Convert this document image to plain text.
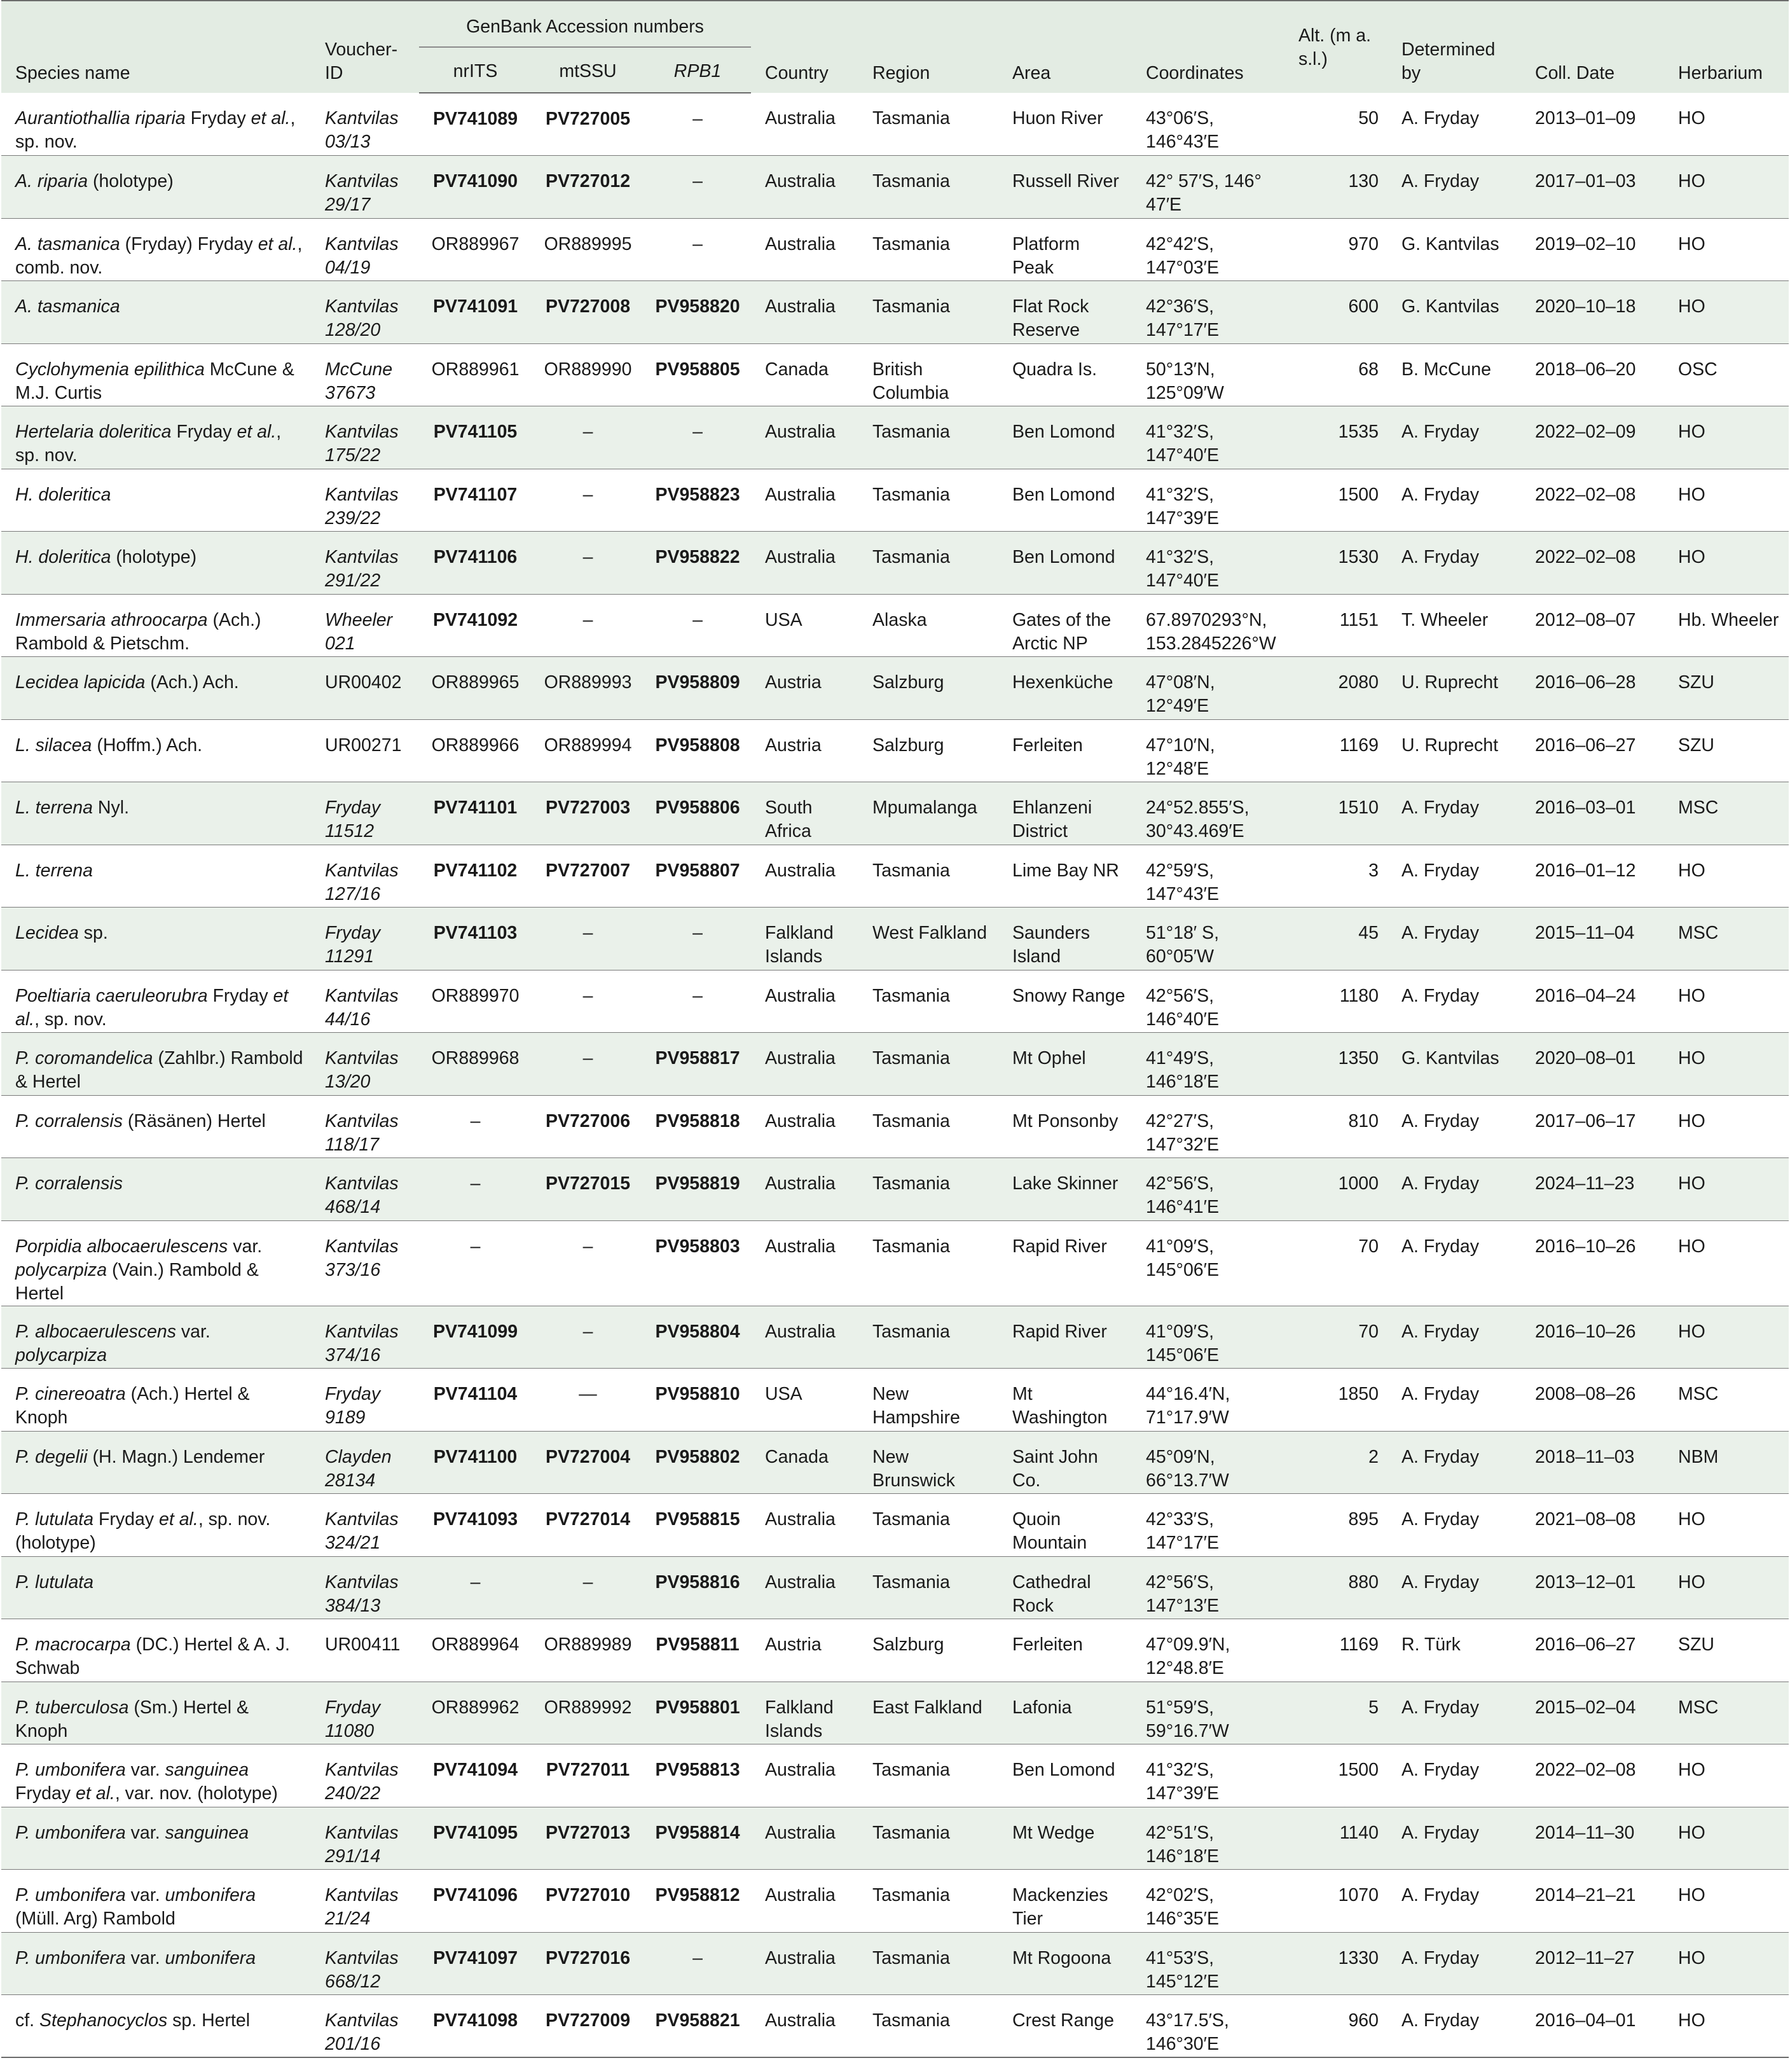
Species name	Voucher-ID	GenBank Accession numbers			Country	Region	Area	Coordinates	Alt. (m a. s.l.)	Determined by	Coll. Date	Herbarium
		nrITS	mtSSU	RPB1								
Aurantiothallia riparia Fryday et al., sp. nov.	Kantvilas 03/13	PV741089	PV727005	–	Australia	Tasmania	Huon River	43°06′S, 146°43′E	50	A. Fryday	2013–01–09	HO
A. riparia (holotype)	Kantvilas 29/17	PV741090	PV727012	–	Australia	Tasmania	Russell River	42° 57′S, 146° 47′E	130	A. Fryday	2017–01–03	HO
A. tasmanica (Fryday) Fryday et al., comb. nov.	Kantvilas 04/19	OR889967	OR889995	–	Australia	Tasmania	Platform Peak	42°42′S, 147°03′E	970	G. Kantvilas	2019–02–10	HO
A. tasmanica	Kantvilas 128/20	PV741091	PV727008	PV958820	Australia	Tasmania	Flat Rock Reserve	42°36′S, 147°17′E	600	G. Kantvilas	2020–10–18	HO
Cyclohymenia epilithica McCune & M.J. Curtis	McCune 37673	OR889961	OR889990	PV958805	Canada	British Columbia	Quadra Is.	50°13′N, 125°09′W	68	B. McCune	2018–06–20	OSC
Hertelaria doleritica Fryday et al., sp. nov.	Kantvilas 175/22	PV741105	–	–	Australia	Tasmania	Ben Lomond	41°32′S, 147°40′E	1535	A. Fryday	2022–02–09	HO
H. doleritica	Kantvilas 239/22	PV741107	–	PV958823	Australia	Tasmania	Ben Lomond	41°32′S, 147°39′E	1500	A. Fryday	2022–02–08	HO
H. doleritica (holotype)	Kantvilas 291/22	PV741106	–	PV958822	Australia	Tasmania	Ben Lomond	41°32′S, 147°40′E	1530	A. Fryday	2022–02–08	HO
Immersaria athroocarpa (Ach.) Rambold & Pietschm.	Wheeler 021	PV741092	–	–	USA	Alaska	Gates of the Arctic NP	67.8970293°N, 153.2845226°W	1151	T. Wheeler	2012–08–07	Hb. Wheeler
Lecidea lapicida (Ach.) Ach.	UR00402	OR889965	OR889993	PV958809	Austria	Salzburg	Hexenküche	47°08′N, 12°49′E	2080	U. Ruprecht	2016–06–28	SZU
L. silacea (Hoffm.) Ach.	UR00271	OR889966	OR889994	PV958808	Austria	Salzburg	Ferleiten	47°10′N, 12°48′E	1169	U. Ruprecht	2016–06–27	SZU
L. terrena Nyl.	Fryday 11512	PV741101	PV727003	PV958806	South Africa	Mpumalanga	Ehlanzeni District	24°52.855′S, 30°43.469′E	1510	A. Fryday	2016–03–01	MSC
L. terrena	Kantvilas 127/16	PV741102	PV727007	PV958807	Australia	Tasmania	Lime Bay NR	42°59′S, 147°43′E	3	A. Fryday	2016–01–12	HO
Lecidea sp.	Fryday 11291	PV741103	–	–	Falkland Islands	West Falkland	Saunders Island	51°18′ S, 60°05′W	45	A. Fryday	2015–11–04	MSC
Poeltiaria caeruleorubra Fryday et al., sp. nov.	Kantvilas 44/16	OR889970	–	–	Australia	Tasmania	Snowy Range	42°56′S, 146°40′E	1180	A. Fryday	2016–04–24	HO
P. coromandelica (Zahlbr.) Rambold & Hertel	Kantvilas 13/20	OR889968	–	PV958817	Australia	Tasmania	Mt Ophel	41°49′S, 146°18′E	1350	G. Kantvilas	2020–08–01	HO
P. corralensis (Räsänen) Hertel	Kantvilas 118/17	–	PV727006	PV958818	Australia	Tasmania	Mt Ponsonby	42°27′S, 147°32′E	810	A. Fryday	2017–06–17	HO
P. corralensis	Kantvilas 468/14	–	PV727015	PV958819	Australia	Tasmania	Lake Skinner	42°56′S, 146°41′E	1000	A. Fryday	2024–11–23	HO
Porpidia albocaerulescens var. polycarpiza (Vain.) Rambold & Hertel	Kantvilas 373/16	–	–	PV958803	Australia	Tasmania	Rapid River	41°09′S, 145°06′E	70	A. Fryday	2016–10–26	HO
P. albocaerulescens var. polycarpiza	Kantvilas 374/16	PV741099	–	PV958804	Australia	Tasmania	Rapid River	41°09′S, 145°06′E	70	A. Fryday	2016–10–26	HO
P. cinereoatra (Ach.) Hertel & Knoph	Fryday 9189	PV741104	—	PV958810	USA	New Hampshire	Mt Washington	44°16.4′N, 71°17.9′W	1850	A. Fryday	2008–08–26	MSC
P. degelii (H. Magn.) Lendemer	Clayden 28134	PV741100	PV727004	PV958802	Canada	New Brunswick	Saint John Co.	45°09′N, 66°13.7′W	2	A. Fryday	2018–11–03	NBM
P. lutulata Fryday et al., sp. nov. (holotype)	Kantvilas 324/21	PV741093	PV727014	PV958815	Australia	Tasmania	Quoin Mountain	42°33′S, 147°17′E	895	A. Fryday	2021–08–08	HO
P. lutulata	Kantvilas 384/13	–	–	PV958816	Australia	Tasmania	Cathedral Rock	42°56′S, 147°13′E	880	A. Fryday	2013–12–01	HO
P. macrocarpa (DC.) Hertel & A. J. Schwab	UR00411	OR889964	OR889989	PV958811	Austria	Salzburg	Ferleiten	47°09.9′N, 12°48.8′E	1169	R. Türk	2016–06–27	SZU
P. tuberculosa (Sm.) Hertel & Knoph	Fryday 11080	OR889962	OR889992	PV958801	Falkland Islands	East Falkland	Lafonia	51°59′S, 59°16.7′W	5	A. Fryday	2015–02–04	MSC
P. umbonifera var. sanguinea Fryday et al., var. nov. (holotype)	Kantvilas 240/22	PV741094	PV727011	PV958813	Australia	Tasmania	Ben Lomond	41°32′S, 147°39′E	1500	A. Fryday	2022–02–08	HO
P. umbonifera var. sanguinea	Kantvilas 291/14	PV741095	PV727013	PV958814	Australia	Tasmania	Mt Wedge	42°51′S, 146°18′E	1140	A. Fryday	2014–11–30	HO
P. umbonifera var. umbonifera (Müll. Arg) Rambold	Kantvilas 21/24	PV741096	PV727010	PV958812	Australia	Tasmania	Mackenzies Tier	42°02′S, 146°35′E	1070	A. Fryday	2014–21–21	HO
P. umbonifera var. umbonifera	Kantvilas 668/12	PV741097	PV727016	–	Australia	Tasmania	Mt Rogoona	41°53′S, 145°12′E	1330	A. Fryday	2012–11–27	HO
cf. Stephanocyclos sp. Hertel	Kantvilas 201/16	PV741098	PV727009	PV958821	Australia	Tasmania	Crest Range	43°17.5′S, 146°30′E	960	A. Fryday	2016–04–01	HO
